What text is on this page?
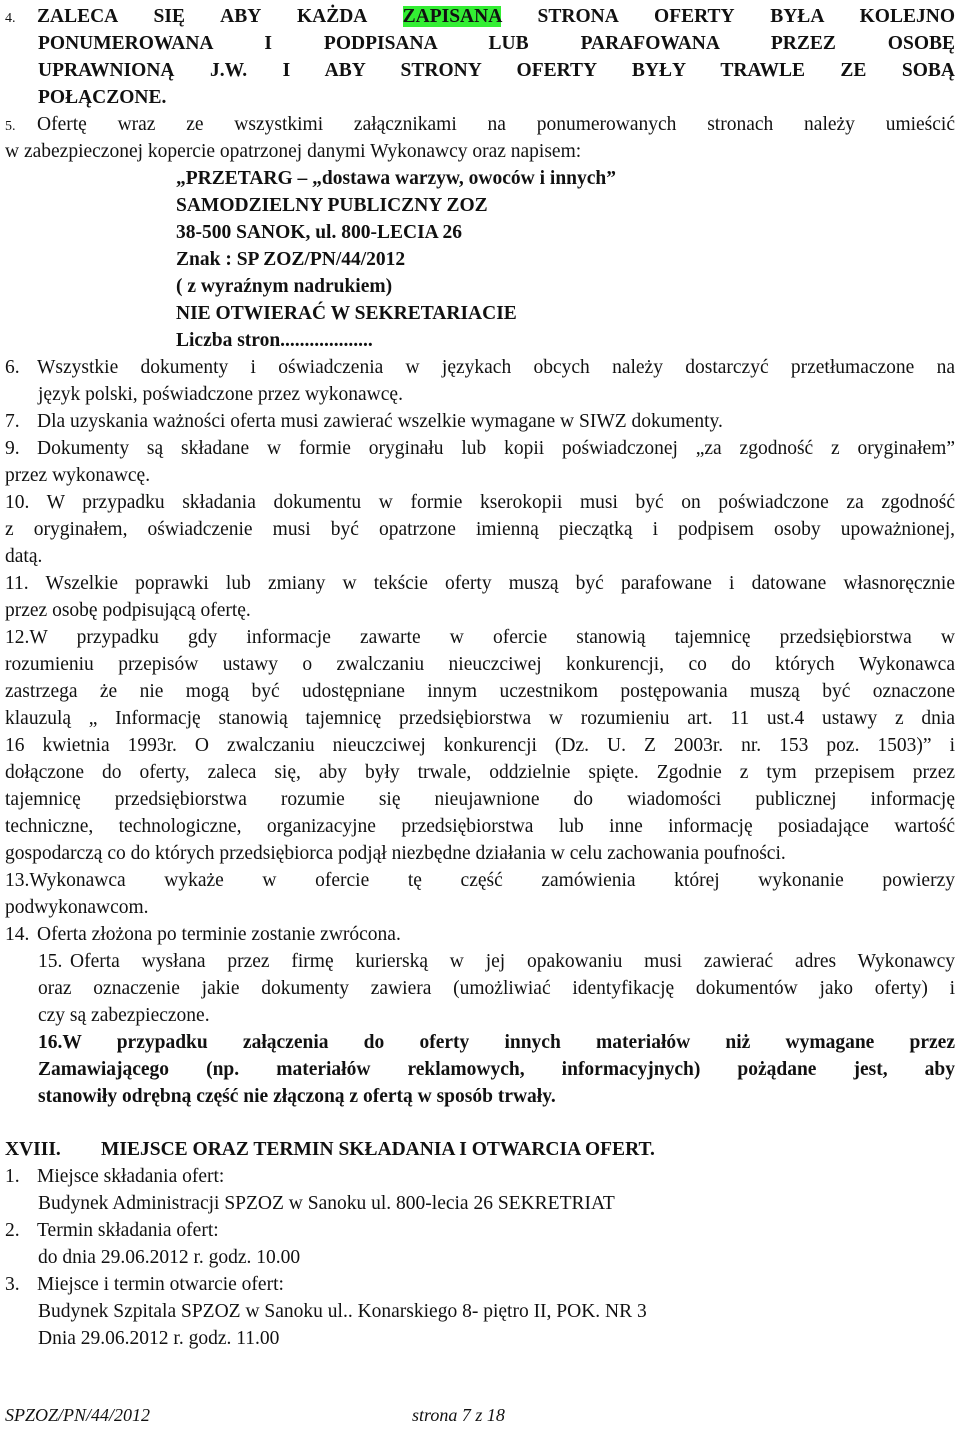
4. ZALECA SIĘ ABY KAŻDA ZAPISANA STRONA OFERTY BYŁA KOLEJNO
PONUMEROWANA I PODPISANA LUB PARAFOWANA PRZEZ OSOBĘ
UPRAWNIONĄ J.W. I ABY STRONY OFERTY BYŁY TRAWLE ZE SOBĄ
POŁĄCZONE.
5. Ofertę wraz ze wszystkimi załącznikami na ponumerowanych stronach należy umieścić
w zabezpieczonej kopercie opatrzonej danymi Wykonawcy oraz napisem:
„PRZETARG – „dostawa warzyw, owoców i innych”
SAMODZIELNY PUBLICZNY ZOZ
38-500 SANOK, ul. 800-LECIA 26
Znak : SP ZOZ/PN/44/2012
( z wyraźnym nadrukiem)
NIE OTWIERAĆ W SEKRETARIACIE
Liczba stron...................
6. Wszystkie dokumenty i oświadczenia w językach obcych należy dostarczyć przetłumaczone na
język polski, poświadczone przez wykonawcę.
7. Dla uzyskania ważności oferta musi zawierać wszelkie wymagane w SIWZ dokumenty.
9. Dokumenty są składane w formie oryginału lub kopii poświadczonej „za zgodność z oryginałem”
przez wykonawcę.
10. W przypadku składania dokumentu w formie kserokopii musi być on poświadczone za zgodność
z oryginałem, oświadczenie musi być opatrzone imienną pieczątką i podpisem osoby upoważnionej,
datą.
11. Wszelkie poprawki lub zmiany w tekście oferty muszą być parafowane i datowane własnoręcznie
przez osobę podpisującą ofertę.
12.W przypadku gdy informacje zawarte w ofercie stanowią tajemnicę przedsiębiorstwa w
rozumieniu przepisów ustawy o zwalczaniu nieuczciwej konkurencji, co do których Wykonawca
zastrzega że nie mogą być udostępniane innym uczestnikom postępowania muszą być oznaczone
klauzulą „ Informację stanowią tajemnicę przedsiębiorstwa w rozumieniu art. 11 ust.4 ustawy z dnia
16 kwietnia 1993r. O zwalczaniu nieuczciwej konkurencji (Dz. U. Z 2003r. nr. 153 poz. 1503)” i
dołączone do oferty, zaleca się, aby były trwale, oddzielnie spięte. Zgodnie z tym przepisem przez
tajemnicę przedsiębiorstwa rozumie się nieujawnione do wiadomości publicznej informację
techniczne, technologiczne, organizacyjne przedsiębiorstwa lub inne informację posiadające wartość
gospodarczą co do których przedsiębiorca podjął niezbędne działania w celu zachowania poufności.
13.Wykonawca wykaże w ofercie tę część zamówienia której wykonanie powierzy
podwykonawcom.
14. Oferta złożona po terminie zostanie zwrócona.
15. Oferta wysłana przez firmę kurierską w jej opakowaniu musi zawierać adres Wykonawcy
oraz oznaczenie jakie dokumenty zawiera (umożliwiać identyfikację dokumentów jako oferty) i
czy są zabezpieczone.
16.W przypadku załączenia do oferty innych materiałów niż wymagane przez
Zamawiającego (np. materiałów reklamowych, informacyjnych) pożądane jest, aby
stanowiły odrębną część nie złączoną z ofertą w sposób trwały.
XVIII. MIEJSCE ORAZ TERMIN SKŁADANIA I OTWARCIA OFERT.
1. Miejsce składania ofert:
Budynek Administracji SPZOZ w Sanoku ul. 800-lecia 26 SEKRETRIAT
2. Termin składania ofert:
do dnia 29.06.2012 r. godz. 10.00
3. Miejsce i termin otwarcie ofert:
Budynek Szpitala SPZOZ w Sanoku ul.. Konarskiego 8- piętro II, POK. NR 3
Dnia 29.06.2012 r. godz. 11.00
SPZOZ/PN/44/2012	strona 7 z 18
